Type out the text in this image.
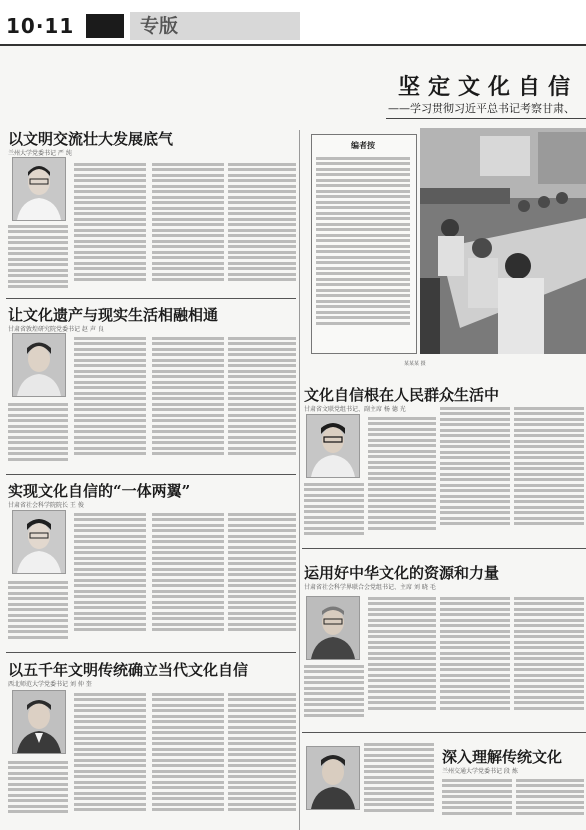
10·11	专版
坚定文化自信
——学习贯彻习近平总书记考察甘肃、
以文明交流壮大发展底气
兰州大学党委书记 严 纯
让文化遗产与现实生活相融相通
甘肃省敦煌研究院党委书记 赵 声 良
实现文化自信的“一体两翼”
甘肃省社会科学院院长 王 俊
以五千年文明传统确立当代文化自信
西北师范大学党委书记 刘 仲 奎
编者按
某某某 摄
文化自信根在人民群众生活中
甘肃省文联党组书记、副主席 杨 德 光
运用好中华文化的资源和力量
甘肃省社会科学界联合会党组书记、主席 刘 晓 毛
深入理解传统文化
兰州交通大学党委书记 段 炼
